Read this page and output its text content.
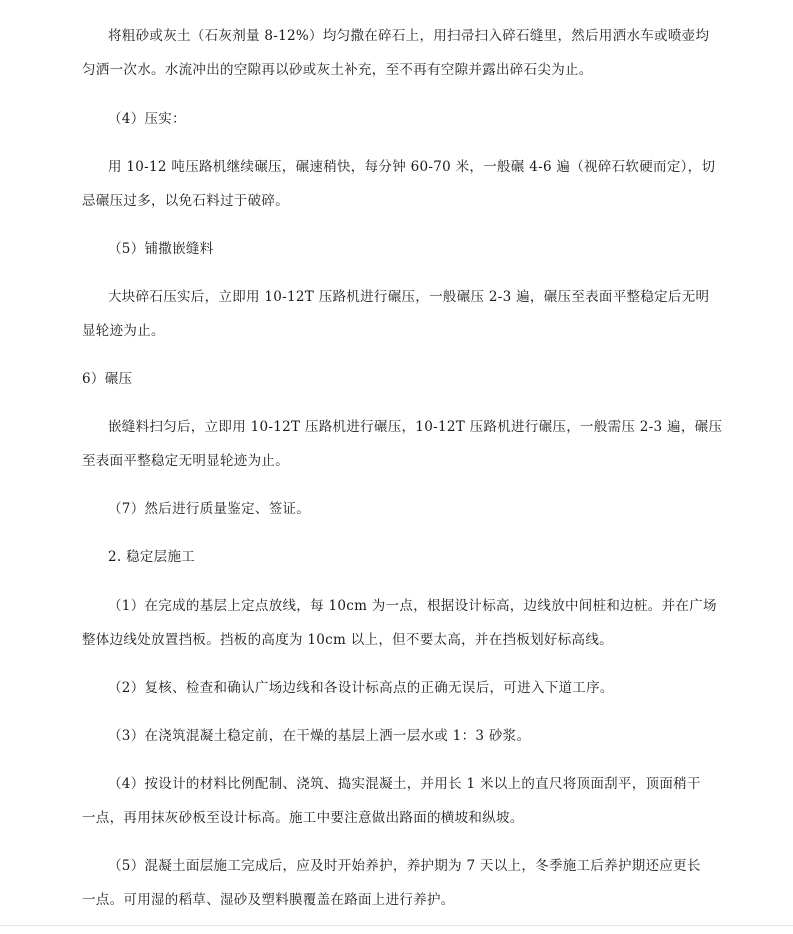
将粗砂或灰土（石灰剂量 8-12%）均匀撒在碎石上，用扫帚扫入碎石缝里，然后用洒水车或喷壶均
匀洒一次水。水流冲出的空隙再以砂或灰土补充，至不再有空隙并露出碎石尖为止。
（4）压实：
用 10-12 吨压路机继续碾压，碾速稍快，每分钟 60-70 米，一般碾 4-6 遍（视碎石软硬而定），切
忌碾压过多，以免石料过于破碎。
（5）铺撒嵌缝料
大块碎石压实后，立即用 10-12T 压路机进行碾压，一般碾压 2-3 遍，碾压至表面平整稳定后无明
显轮迹为止。
6）碾压
嵌缝料扫匀后，立即用 10-12T 压路机进行碾压，10-12T 压路机进行碾压，一般需压 2-3 遍，碾压
至表面平整稳定无明显轮迹为止。
（7）然后进行质量鉴定、签证。
2. 稳定层施工
（1）在完成的基层上定点放线，每 10cm 为一点，根据设计标高，边线放中间桩和边桩。并在广场
整体边线处放置挡板。挡板的高度为 10cm 以上，但不要太高，并在挡板划好标高线。
（2）复核、检查和确认广场边线和各设计标高点的正确无误后，可进入下道工序。
（3）在浇筑混凝土稳定前，在干燥的基层上洒一层水或 1：3 砂浆。
（4）按设计的材料比例配制、浇筑、捣实混凝土，并用长 1 米以上的直尺将顶面刮平，顶面稍干
一点，再用抹灰砂板至设计标高。施工中要注意做出路面的横坡和纵坡。
（5）混凝土面层施工完成后，应及时开始养护，养护期为 7 天以上，冬季施工后养护期还应更长
一点。可用湿的稻草、湿砂及塑料膜覆盖在路面上进行养护。
